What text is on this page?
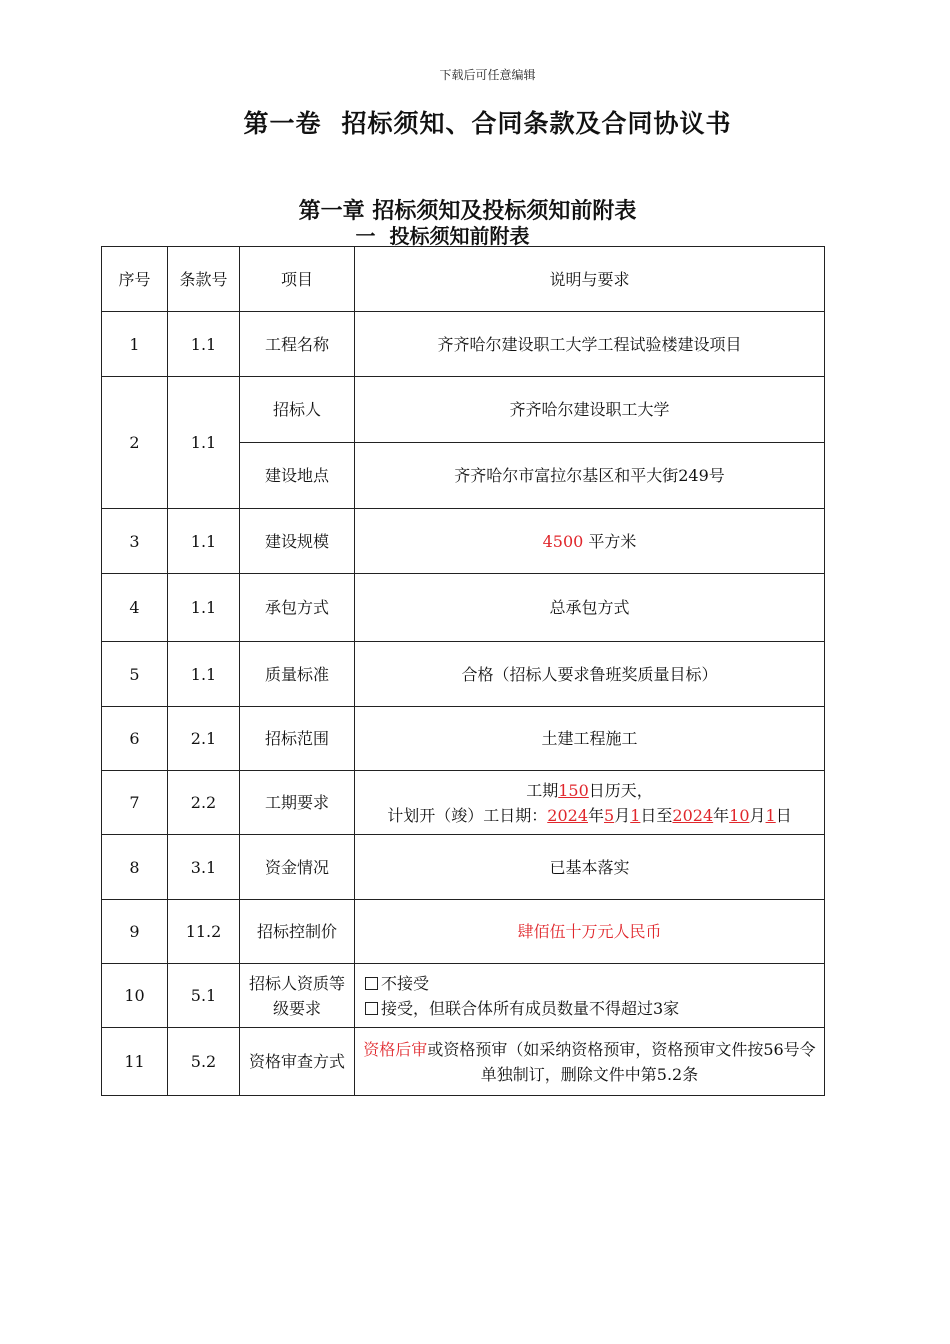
下载后可任意编辑
第一卷 招标须知、合同条款及合同协议书
第一章 招标须知及投标须知前附表
一 投标须知前附表
序号	条款号	项目	说明与要求
1	1.1	工程名称	齐齐哈尔建设职工大学工程试验楼建设项目
2	1.1	招标人	齐齐哈尔建设职工大学
		建设地点	齐齐哈尔市富拉尔基区和平大街249号
3	1.1	建设规模	4500 平方米
4	1.1	承包方式	总承包方式
5	1.1	质量标准	合格（招标人要求鲁班奖质量目标）
6	2.1	招标范围	土建工程施工
7	2.2	工期要求	工期150日历天，
计划开（竣）工日期：2024年5月1日至2024年10月1日

8	3.1	资金情况	已基本落实
9	11.2	招标控制价	肆佰伍十万元人民币
10	5.1	招标人资质等级要求	不接受
接受，但联合体所有成员数量不得超过3家

11	5.2	资格审查方式	资格后审或资格预审（如采纳资格预审，资格预审文件按56号令单独制订，删除文件中第5.2条
